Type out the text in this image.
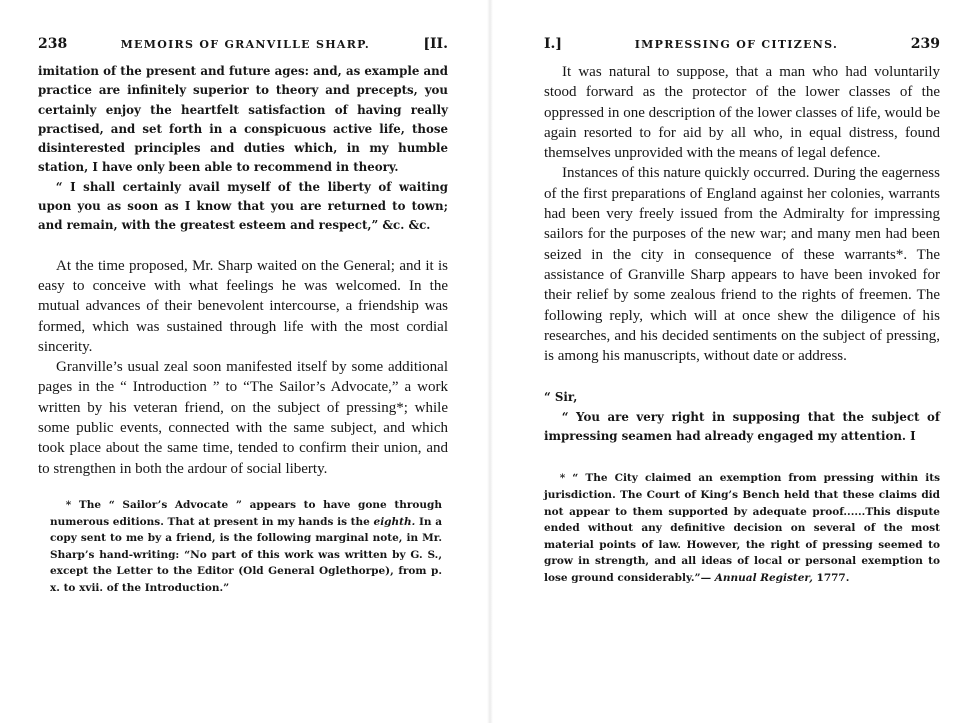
238	MEMOIRS OF GRANVILLE SHARP.	[II.

imitation of the present and future ages: and, as example and practice are infinitely superior to theory and precepts, you certainly enjoy the heartfelt satisfaction of having really practised, and set forth in a conspicuous active life, those disinterested principles and duties which, in my humble station, I have only been able to recommend in theory.

“ I shall certainly avail myself of the liberty of waiting upon you as soon as I know that you are returned to town; and remain, with the greatest esteem and respect,” &c. &c.

At the time proposed, Mr. Sharp waited on the General; and it is easy to conceive with what feelings he was welcomed. In the mutual advances of their benevolent intercourse, a friendship was formed, which was sustained through life with the most cordial sincerity.

Granville’s usual zeal soon manifested itself by some additional pages in the “ Introduction ” to “The Sailor’s Advocate,” a work written by his veteran friend, on the subject of pressing*; while some public events, connected with the same subject, and which took place about the same time, tended to confirm their union, and to strengthen in both the ardour of social liberty.

* The “ Sailor’s Advocate ” appears to have gone through numerous editions. That at present in my hands is the eighth. In a copy sent to me by a friend, is the following marginal note, in Mr. Sharp’s hand-writing: “No part of this work was written by G. S., except the Letter to the Editor (Old General Oglethorpe), from p. x. to xvii. of the Introduction.”

I.]	IMPRESSING OF CITIZENS.	239

It was natural to suppose, that a man who had voluntarily stood forward as the protector of the lower classes of the oppressed in one description of the lower classes of life, would be again resorted to for aid by all who, in equal distress, found themselves unprovided with the means of legal defence.

Instances of this nature quickly occurred. During the eagerness of the first preparations of England against her colonies, warrants had been very freely issued from the Admiralty for impressing sailors for the purposes of the new war; and many men had been seized in the city in consequence of these warrants*. The assistance of Granville Sharp appears to have been invoked for their relief by some zealous friend to the rights of freemen. The following reply, which will at once shew the diligence of his researches, and his decided sentiments on the subject of pressing, is among his manuscripts, without date or address.

“ Sir,

“ You are very right in supposing that the subject of impressing seamen had already engaged my attention. I

* “ The City claimed an exemption from pressing within its jurisdiction. The Court of King’s Bench held that these claims did not appear to them supported by adequate proof......This dispute ended without any definitive decision on several of the most material points of law. However, the right of pressing seemed to grow in strength, and all ideas of local or personal exemption to lose ground considerably.”— Annual Register, 1777.
